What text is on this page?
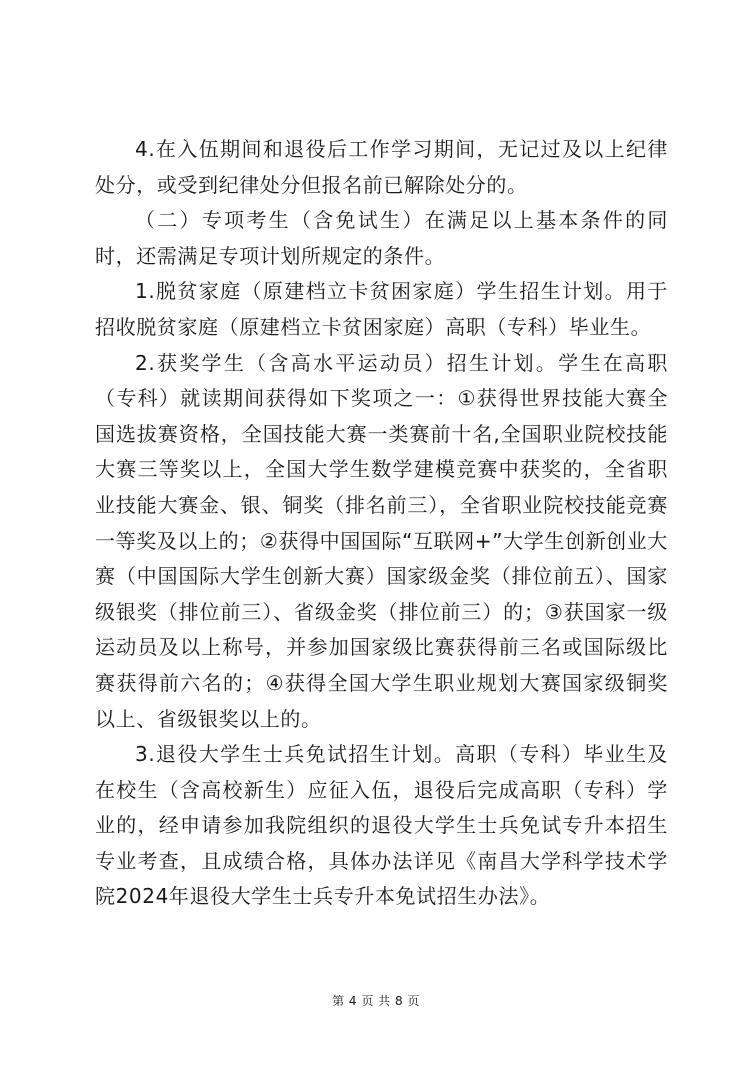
4.在入伍期间和退役后工作学习期间，无记过及以上纪律处分，或受到纪律处分但报名前已解除处分的。

（二）专项考生（含免试生）在满足以上基本条件的同时，还需满足专项计划所规定的条件。

1.脱贫家庭（原建档立卡贫困家庭）学生招生计划。用于招收脱贫家庭（原建档立卡贫困家庭）高职（专科）毕业生。

2.获奖学生（含高水平运动员）招生计划。学生在高职（专科）就读期间获得如下奖项之一：①获得世界技能大赛全国选拔赛资格，全国技能大赛一类赛前十名,全国职业院校技能大赛三等奖以上，全国大学生数学建模竞赛中获奖的，全省职业技能大赛金、银、铜奖（排名前三），全省职业院校技能竞赛一等奖及以上的；②获得中国国际“互联网+”大学生创新创业大赛（中国国际大学生创新大赛）国家级金奖（排位前五）、国家级银奖（排位前三）、省级金奖（排位前三）的；③获国家一级运动员及以上称号，并参加国家级比赛获得前三名或国际级比赛获得前六名的；④获得全国大学生职业规划大赛国家级铜奖以上、省级银奖以上的。

3.退役大学生士兵免试招生计划。高职（专科）毕业生及在校生（含高校新生）应征入伍，退役后完成高职（专科）学业的，经申请参加我院组织的退役大学生士兵免试专升本招生专业考查，且成绩合格，具体办法详见《南昌大学科学技术学院2024年退役大学生士兵专升本免试招生办法》。

第 4 页 共 8 页
